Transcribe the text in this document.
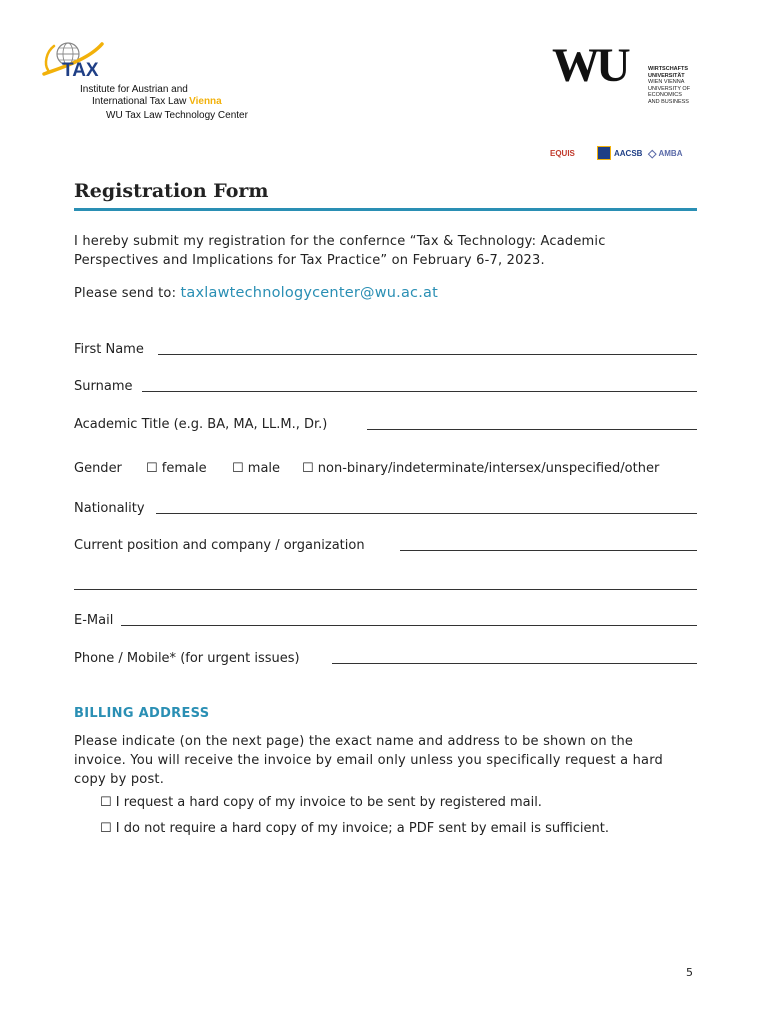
TAX
Institute for Austrian and
International Tax Law Vienna
WU Tax Law Technology Center
WU	WIRTSCHAFTS
UNIVERSITÄT
WIEN VIENNA
UNIVERSITY OF
ECONOMICS
AND BUSINESS
EQUIS	AACSB ◇ AMBA
Registration Form
I hereby submit my registration for the confernce “Tax & Technology: Academic
Perspectives and Implications for Tax Practice” on February 6-7, 2023.
Please send to: taxlawtechnologycenter@wu.ac.at
First Name
Surname
Academic Title (e.g. BA, MA, LL.M., Dr.)
Gender ☐ female ☐ male ☐ non-binary/indeterminate/intersex/unspecified/other
Nationality
Current position and company / organization
E-Mail
Phone / Mobile* (for urgent issues)
BILLING ADDRESS
Please indicate (on the next page) the exact name and address to be shown on the
invoice. You will receive the invoice by email only unless you specifically request a hard
copy by post.
☐ I request a hard copy of my invoice to be sent by registered mail.
☐ I do not require a hard copy of my invoice; a PDF sent by email is sufficient.
5
